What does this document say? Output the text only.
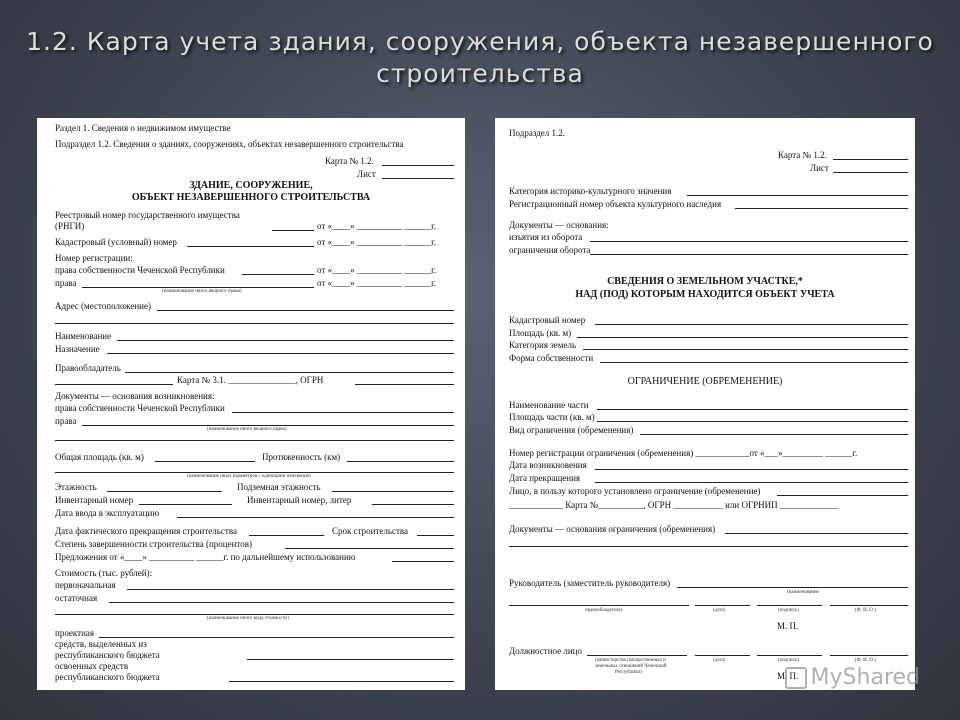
1.2. Карта учета здания, сооружения, объекта незавершенного строительства
Раздел 1. Сведения о недвижимом имуществе
Подраздел 1.2. Сведения о зданиях, сооружениях, объектах незавершенного строительства
Карта № 1.2.
Лист
ЗДАНИЕ, СООРУЖЕНИЕ,
ОБЪЕКТ НЕЗАВЕРШЕННОГО СТРОИТЕЛЬСТВА
Реестровый номер государственного имущества
(РНГИ)	от «____» __________ ______г.
Кадастровый (условный) номер	от «____» __________ ______г.
Номер регистрации:
права собственности Чеченской Республики	от «____» __________ ______г.
права	от «____» __________ ______г.
(наименование иного вещного права)
Адрес (местоположение)
Наименование
Назначение
Правообладатель
Карта № 3.1. _______________, ОГРН
Документы — основания возникновения:
права собственности Чеченской Республики
права
(наименование иного вещного права)
Общая площадь (кв. м)	Протяженность (км)
(наименование иных параметров с единицами измерения)
Этажность	Подземная этажность
Инвентарный номер	Инвентарный номер, литер
Дата ввода в эксплуатацию
Дата фактического прекращения строительства	Срок строительства
Степень завершенности строительства (процентов)
Предложения от «____» __________ ______г. по дальнейшему использованию
Стоимость (тыс. рублей):
первоначальная
остаточная
(наименование иного вида стоимости)
проектная
средств, выделенных из
республиканского бюджета
освоенных средств
республиканского бюджета
Подраздел 1.2.
Карта № 1.2.
Лист
Категория историко-культурного значения
Регистрационный номер объекта культурного наследия
Документы — основания:
изъятия из оборота
ограничения оборота
СВЕДЕНИЯ О ЗЕМЕЛЬНОМ УЧАСТКЕ,*
НАД (ПОД) КОТОРЫМ НАХОДИТСЯ ОБЪЕКТ УЧЕТА
Кадастровый номер
Площадь (кв. м)
Категория земель
Форма собственности
ОГРАНИЧЕНИЕ (ОБРЕМЕНЕНИЕ)
Наименование части
Площадь части (кв. м)
Вид ограничения (обременения)
Номер регистрации ограничения (обременения) ____________от «___»_________ ______г.
Дата возникновения
Дата прекращения
Лицо, в пользу которого установлено ограничение (обременение)
____________ Карта №__________, ОГРН ___________ или ОГРНИП _____________
Документы — основания ограничения (обременения)
Руководитель (заместитель руководителя)
(наименование
правообладателя)	(дата)	(подпись)	(Ф. И. О.)
М. П.
Должностное лицо
(министерства имущественных и
земельных отношений Чеченской
Республики)
(дата)	(подпись)	(Ф. И. О.)
М. П. MyShared
